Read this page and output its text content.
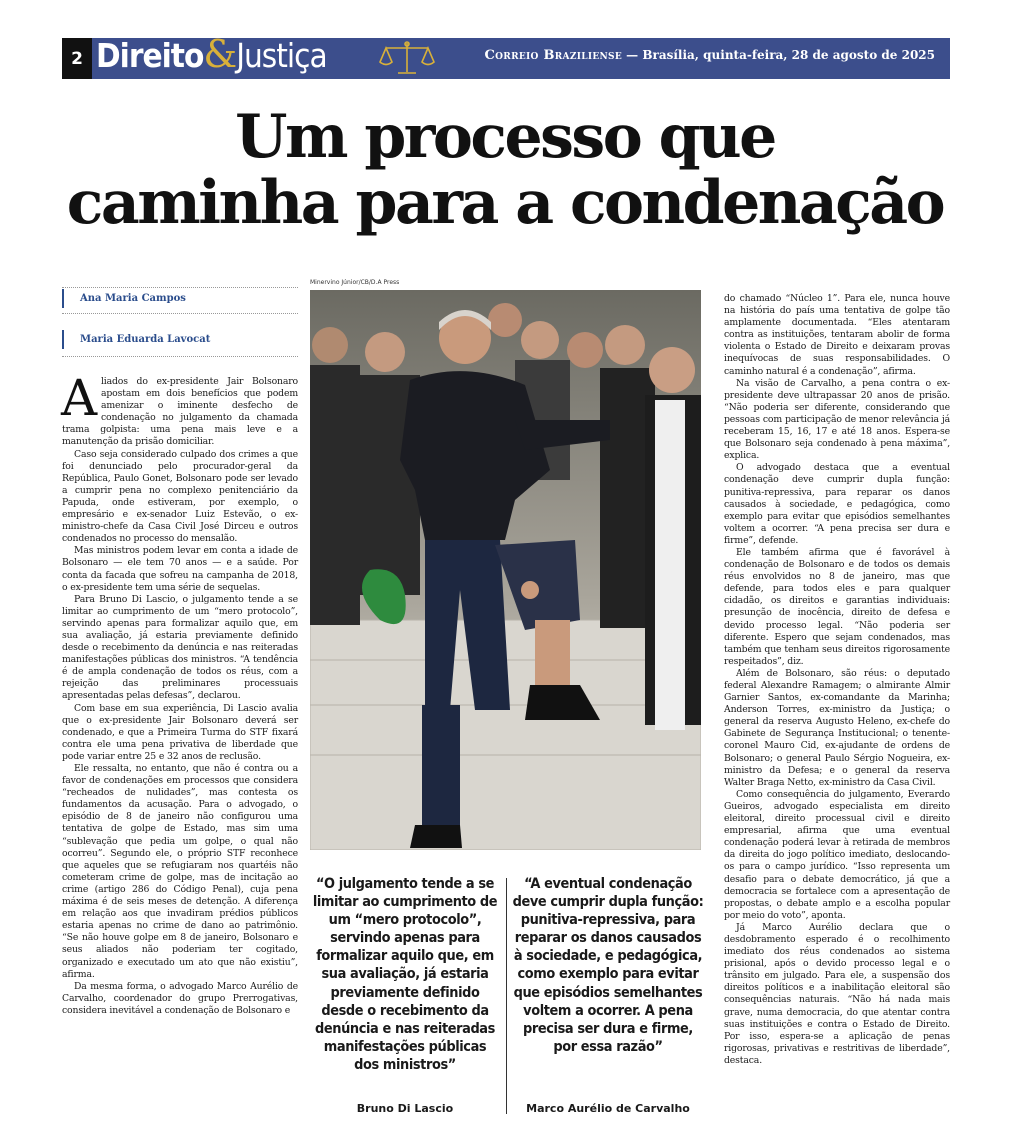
2 Direito&Justiça	Correio Braziliense — Brasília, quinta-feira, 28 de agosto de 2025
Um processo que
caminha para a condenação
Ana Maria Campos
Maria Eduarda Lavocat

Aliados do ex-presidente Jair Bolsonaro apostam em dois benefícios que podem amenizar o iminente desfecho de condenação no julgamento da chamada trama golpista: uma pena mais leve e a manutenção da prisão domiciliar.

Caso seja considerado culpado dos crimes a que foi denunciado pelo procurador-geral da República, Paulo Gonet, Bolsonaro pode ser levado a cumprir pena no complexo penitenciário da Papuda, onde estiveram, por exemplo, o empresário e ex-senador Luiz Estevão, o ex-ministro-chefe da Casa Civil José Dirceu e outros condenados no processo do mensalão.

Mas ministros podem levar em conta a idade de Bolsonaro — ele tem 70 anos — e a saúde. Por conta da facada que sofreu na campanha de 2018, o ex-presidente tem uma série de sequelas.

Para Bruno Di Lascio, o julgamento tende a se limitar ao cumprimento de um “mero protocolo”, servindo apenas para formalizar aquilo que, em sua avaliação, já estaria previamente definido desde o recebimento da denúncia e nas reiteradas manifestações públicas dos ministros. “A tendência é de ampla condenação de todos os réus, com a rejeição das preliminares processuais apresentadas pelas defesas”, declarou.

Com base em sua experiência, Di Lascio avalia que o ex-presidente Jair Bolsonaro deverá ser condenado, e que a Primeira Turma do STF fixará contra ele uma pena privativa de liberdade que pode variar entre 25 e 32 anos de reclusão.

Ele ressalta, no entanto, que não é contra ou a favor de condenações em processos que considera “recheados de nulidades”, mas contesta os fundamentos da acusação. Para o advogado, o episódio de 8 de janeiro não configurou uma tentativa de golpe de Estado, mas sim uma “sublevação que pedia um golpe, o qual não ocorreu”. Segundo ele, o próprio STF reconhece que aqueles que se refugiaram nos quartéis não cometeram crime de golpe, mas de incitação ao crime (artigo 286 do Código Penal), cuja pena máxima é de seis meses de detenção. A diferença em relação aos que invadiram prédios públicos estaria apenas no crime de dano ao patrimônio. “Se não houve golpe em 8 de janeiro, Bolsonaro e seus aliados não poderiam ter cogitado, organizado e executado um ato que não existiu”, afirma.

Da mesma forma, o advogado Marco Aurélio de Carvalho, coordenador do grupo Prerrogativas, considera inevitável a condenação de Bolsonaro e

Minervino Júnior/CB/D.A Press
“O julgamento tende a se limitar ao cumprimento de um “mero protocolo”, servindo apenas para formalizar aquilo que, em sua avaliação, já estaria previamente definido desde o recebimento da denúncia e nas reiteradas manifestações públicas dos ministros”
Bruno Di Lascio
“A eventual condenação deve cumprir dupla função: punitiva-repressiva, para reparar os danos causados à sociedade, e pedagógica, como exemplo para evitar que episódios semelhantes voltem a ocorrer. A pena precisa ser dura e firme, por essa razão”
Marco Aurélio de Carvalho

do chamado “Núcleo 1”. Para ele, nunca houve na história do país uma tentativa de golpe tão amplamente documentada. “Eles atentaram contra as instituições, tentaram abolir de forma violenta o Estado de Direito e deixaram provas inequívocas de suas responsabilidades. O caminho natural é a condenação”, afirma.

Na visão de Carvalho, a pena contra o ex-presidente deve ultrapassar 20 anos de prisão. “Não poderia ser diferente, considerando que pessoas com participação de menor relevância já receberam 15, 16, 17 e até 18 anos. Espera-se que Bolsonaro seja condenado à pena máxima”, explica.

O advogado destaca que a eventual condenação deve cumprir dupla função: punitiva-repressiva, para reparar os danos causados à sociedade, e pedagógica, como exemplo para evitar que episódios semelhantes voltem a ocorrer. “A pena precisa ser dura e firme”, defende.

Ele também afirma que é favorável à condenação de Bolsonaro e de todos os demais réus envolvidos no 8 de janeiro, mas que defende, para todos eles e para qualquer cidadão, os direitos e garantias individuais: presunção de inocência, direito de defesa e devido processo legal. “Não poderia ser diferente. Espero que sejam condenados, mas também que tenham seus direitos rigorosamente respeitados”, diz.

Além de Bolsonaro, são réus: o deputado federal Alexandre Ramagem; o almirante Almir Garnier Santos, ex-comandante da Marinha; Anderson Torres, ex-ministro da Justiça; o general da reserva Augusto Heleno, ex-chefe do Gabinete de Segurança Institucional; o tenente-coronel Mauro Cid, ex-ajudante de ordens de Bolsonaro; o general Paulo Sérgio Nogueira, ex-ministro da Defesa; e o general da reserva Walter Braga Netto, ex-ministro da Casa Civil.

Como consequência do julgamento, Everardo Gueiros, advogado especialista em direito eleitoral, direito processual civil e direito empresarial, afirma que uma eventual condenação poderá levar à retirada de membros da direita do jogo político imediato, deslocando-os para o campo jurídico. “Isso representa um desafio para o debate democrático, já que a democracia se fortalece com a apresentação de propostas, o debate amplo e a escolha popular por meio do voto”, aponta.

Já Marco Aurélio declara que o desdobramento esperado é o recolhimento imediato dos réus condenados ao sistema prisional, após o devido processo legal e o trânsito em julgado. Para ele, a suspensão dos direitos políticos e a inabilitação eleitoral são consequências naturais. “Não há nada mais grave, numa democracia, do que atentar contra suas instituições e contra o Estado de Direito. Por isso, espera-se a aplicação de penas rigorosas, privativas e restritivas de liberdade”, destaca.
